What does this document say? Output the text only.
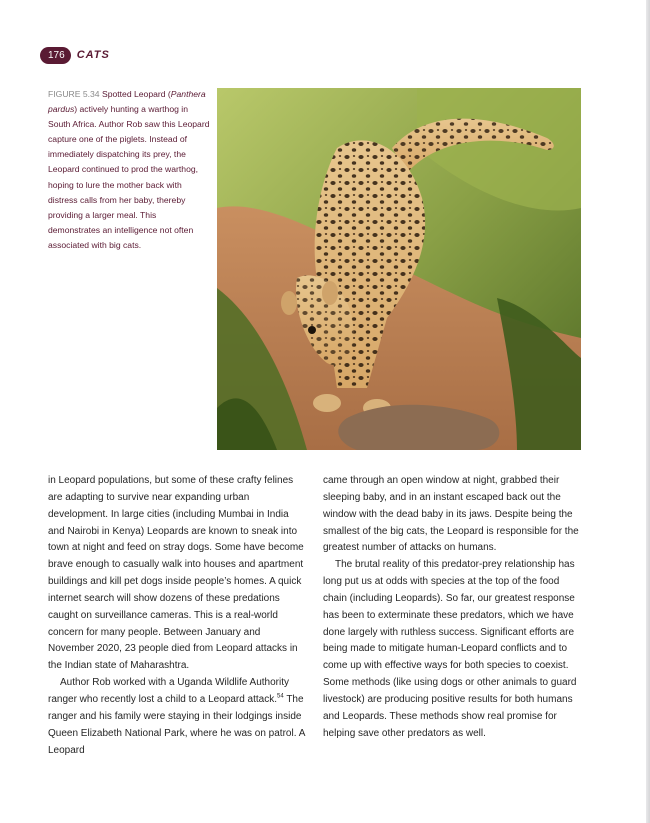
176	CATS
FIGURE 5.34 Spotted Leopard (Panthera pardus) actively hunting a warthog in South Africa. Author Rob saw this Leopard capture one of the piglets. Instead of immediately dispatching its prey, the Leopard continued to prod the warthog, hoping to lure the mother back with distress calls from her baby, thereby providing a larger meal. This demonstrates an intelligence not often associated with big cats.

in Leopard populations, but some of these crafty felines are adapting to survive near expanding urban development. In large cities (including Mumbai in India and Nairobi in Kenya) Leopards are known to sneak into town at night and feed on stray dogs. Some have become brave enough to casually walk into houses and apartment buildings and kill pet dogs inside people’s homes. A quick internet search will show dozens of these predations caught on surveillance cameras. This is a real-world concern for many people. Between January and November 2020, 23 people died from Leopard attacks in the Indian state of Maharashtra.

Author Rob worked with a Uganda Wildlife Authority ranger who recently lost a child to a Leopard attack.$^{54}$ The ranger and his family were staying in their lodgings inside Queen Elizabeth National Park, where he was on patrol. A Leopard

came through an open window at night, grabbed their sleeping baby, and in an instant escaped back out the window with the dead baby in its jaws. Despite being the smallest of the big cats, the Leopard is responsible for the greatest number of attacks on humans.

The brutal reality of this predator-prey relationship has long put us at odds with species at the top of the food chain (including Leopards). So far, our greatest response has been to exterminate these predators, which we have done largely with ruthless success. Significant efforts are being made to mitigate human-Leopard conflicts and to come up with effective ways for both species to coexist. Some methods (like using dogs or other animals to guard livestock) are producing positive results for both humans and Leopards. These methods show real promise for helping save other predators as well.
